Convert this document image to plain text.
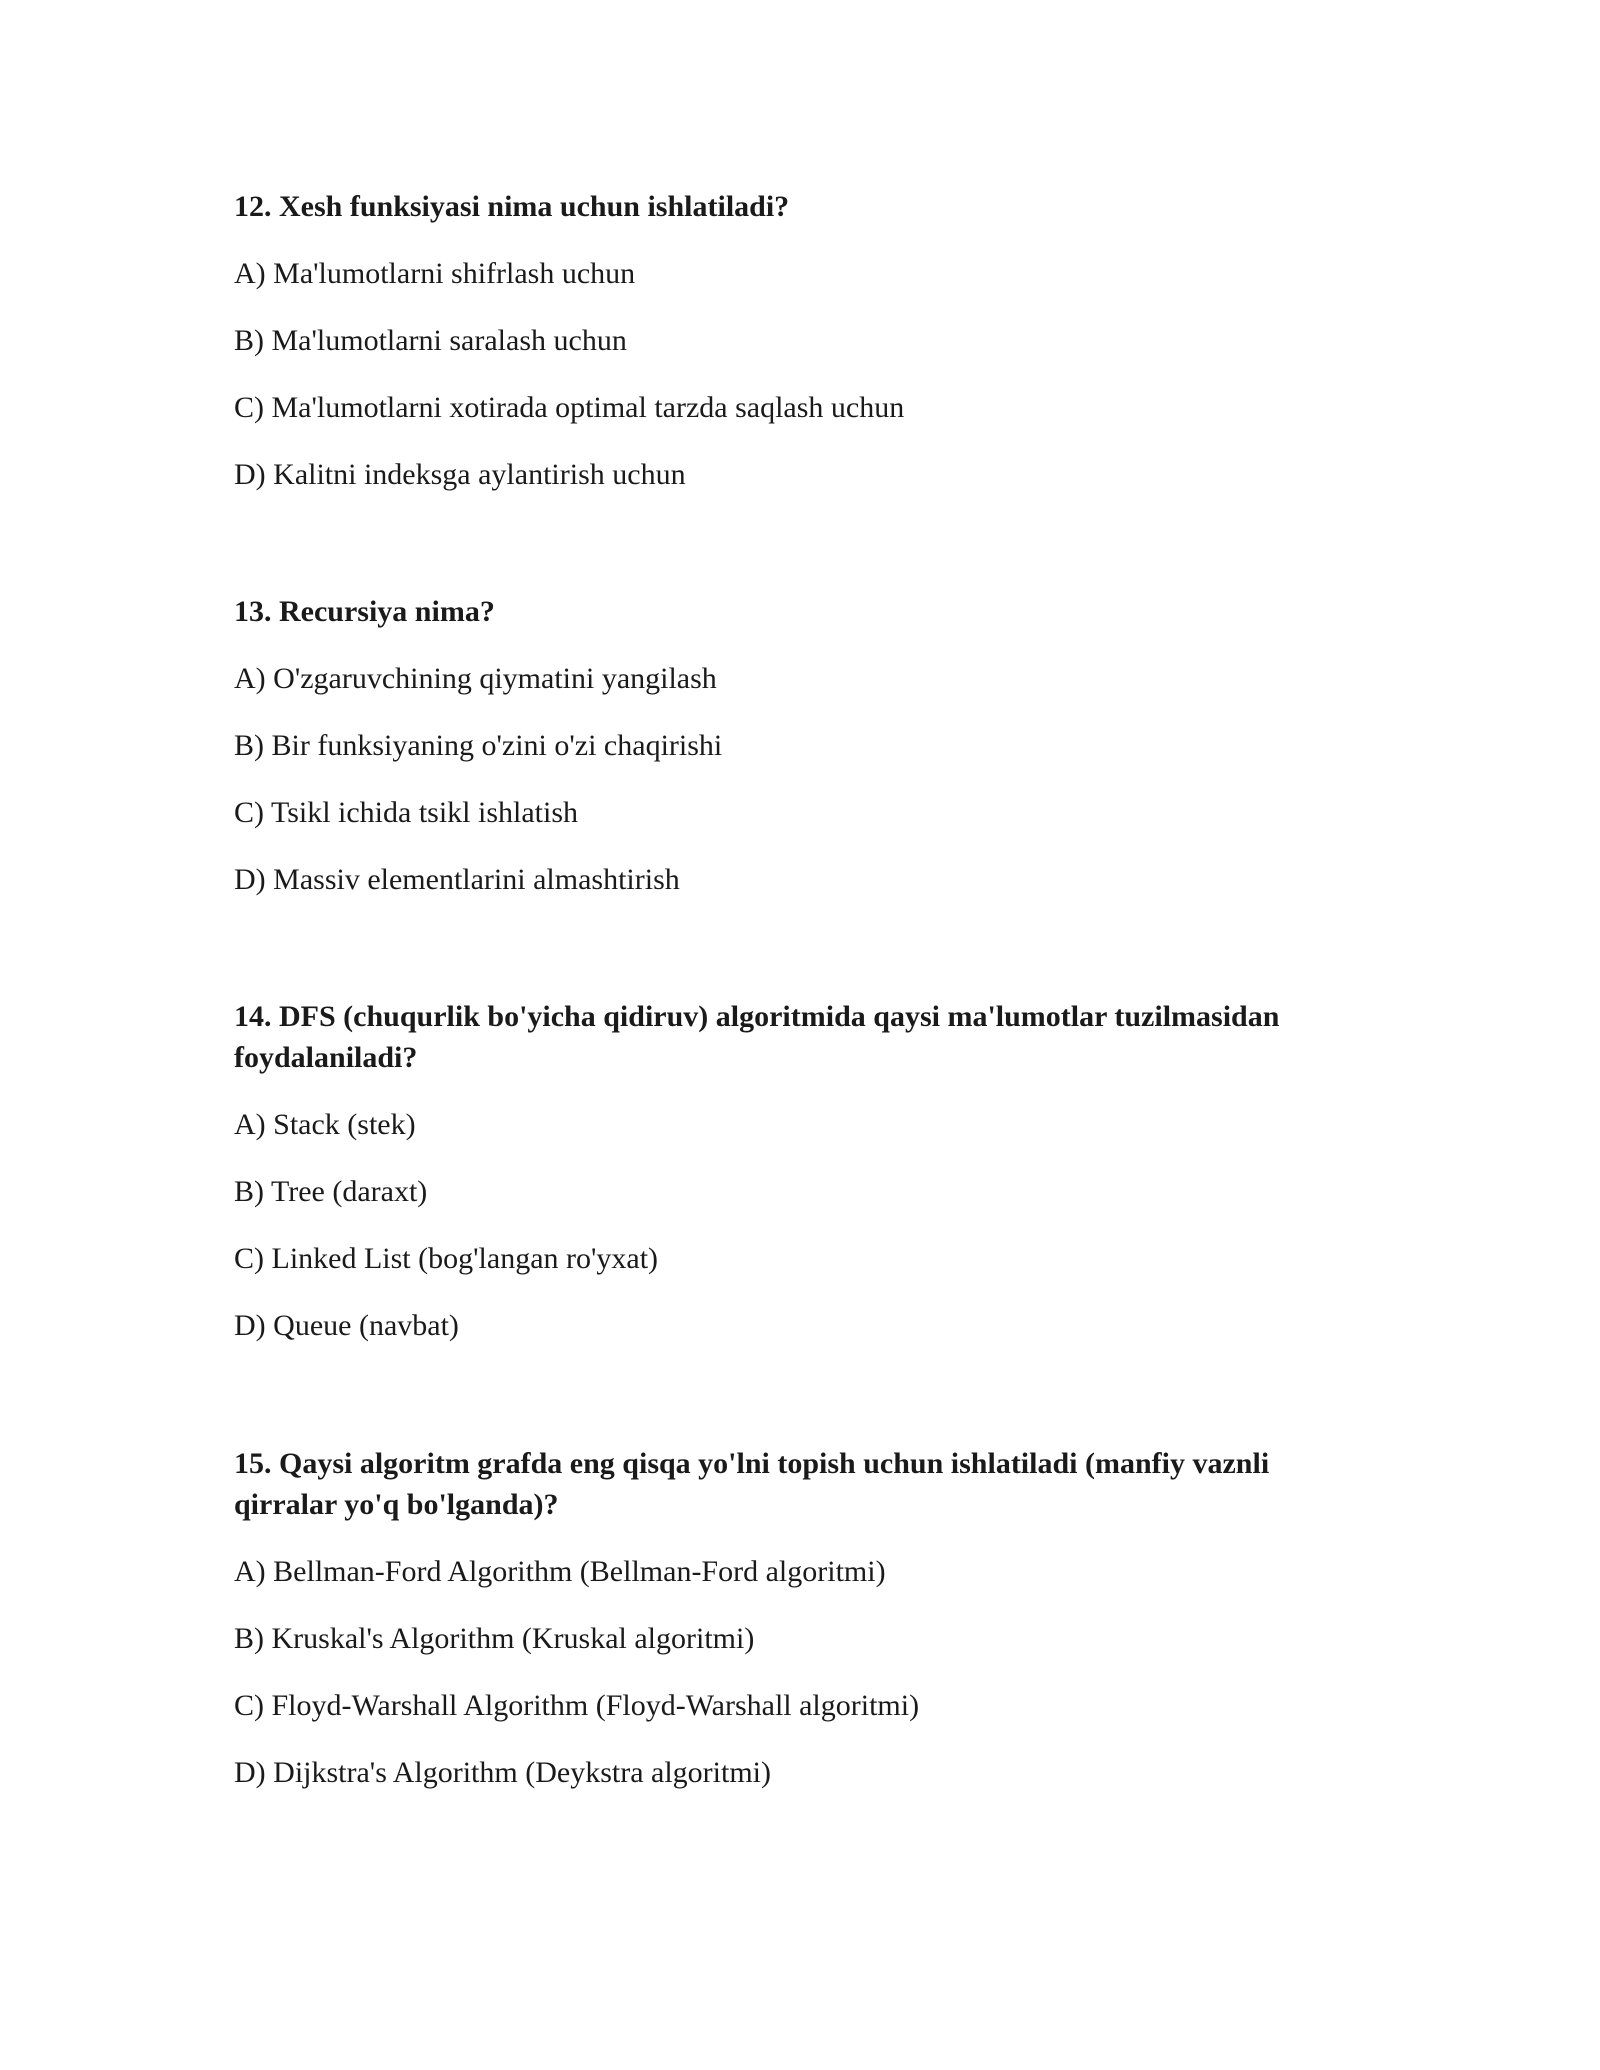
12. Xesh funksiyasi nima uchun ishlatiladi?

A) Ma'lumotlarni shifrlash uchun

B) Ma'lumotlarni saralash uchun

C) Ma'lumotlarni xotirada optimal tarzda saqlash uchun

D) Kalitni indeksga aylantirish uchun

13. Recursiya nima?

A) O'zgaruvchining qiymatini yangilash

B) Bir funksiyaning o'zini o'zi chaqirishi

C) Tsikl ichida tsikl ishlatish

D) Massiv elementlarini almashtirish

14. DFS (chuqurlik bo'yicha qidiruv) algoritmida qaysi ma'lumotlar tuzilmasidan foydalaniladi?

A) Stack (stek)

B) Tree (daraxt)

C) Linked List (bog'langan ro'yxat)

D) Queue (navbat)

15. Qaysi algoritm grafda eng qisqa yo'lni topish uchun ishlatiladi (manfiy vaznli qirralar yo'q bo'lganda)?

A) Bellman-Ford Algorithm (Bellman-Ford algoritmi)

B) Kruskal's Algorithm (Kruskal algoritmi)

C) Floyd-Warshall Algorithm (Floyd-Warshall algoritmi)

D) Dijkstra's Algorithm (Deykstra algoritmi)
